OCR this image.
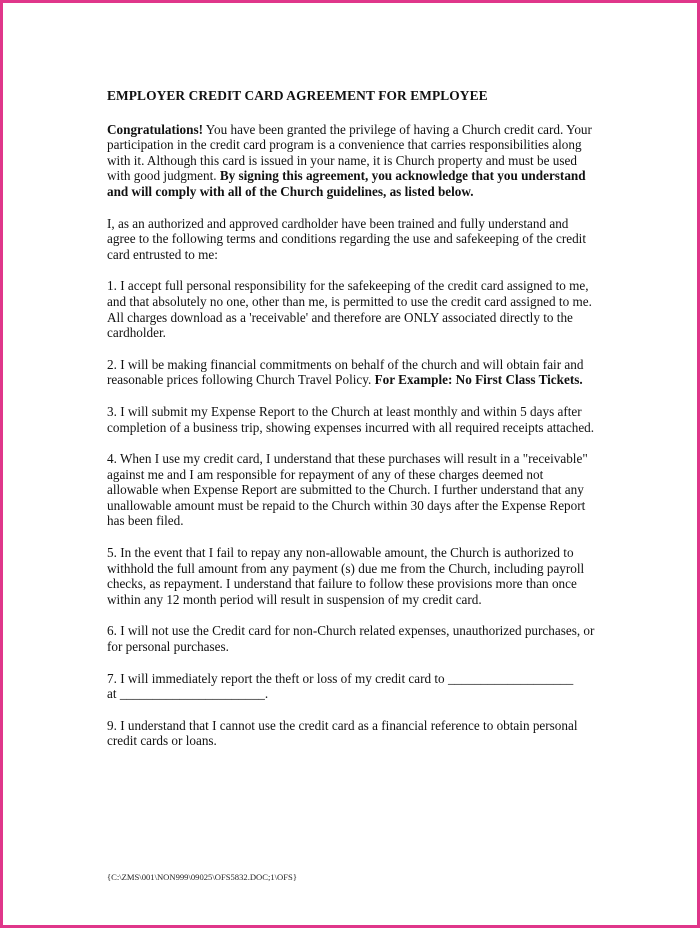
EMPLOYER CREDIT CARD AGREEMENT FOR EMPLOYEE

Congratulations! You have been granted the privilege of having a Church credit card. Your participation in the credit card program is a convenience that carries responsibilities along with it. Although this card is issued in your name, it is Church property and must be used with good judgment. By signing this agreement, you acknowledge that you understand and will comply with all of the Church guidelines, as listed below.

I, as an authorized and approved cardholder have been trained and fully understand and agree to the following terms and conditions regarding the use and safekeeping of the credit card entrusted to me:

1. I accept full personal responsibility for the safekeeping of the credit card assigned to me, and that absolutely no one, other than me, is permitted to use the credit card assigned to me. All charges download as a 'receivable' and therefore are ONLY associated directly to the cardholder.

2. I will be making financial commitments on behalf of the church and will obtain fair and reasonable prices following Church Travel Policy. For Example: No First Class Tickets.

3. I will submit my Expense Report to the Church at least monthly and within 5 days after completion of a business trip, showing expenses incurred with all required receipts attached.

4. When I use my credit card, I understand that these purchases will result in a "receivable" against me and I am responsible for repayment of any of these charges deemed not allowable when Expense Report are submitted to the Church. I further understand that any unallowable amount must be repaid to the Church within 30 days after the Expense Report has been filed.

5. In the event that I fail to repay any non-allowable amount, the Church is authorized to withhold the full amount from any payment (s) due me from the Church, including payroll checks, as repayment. I understand that failure to follow these provisions more than once within any 12 month period will result in suspension of my credit card.

6. I will not use the Credit card for non-Church related expenses, unauthorized purchases, or for personal purchases.

7. I will immediately report the theft or loss of my credit card to ___________________
at ______________________.

9. I understand that I cannot use the credit card as a financial reference to obtain personal credit cards or loans.

{C:\ZMS\001\NON999\09025\OFS5832.DOC;1\OFS}
